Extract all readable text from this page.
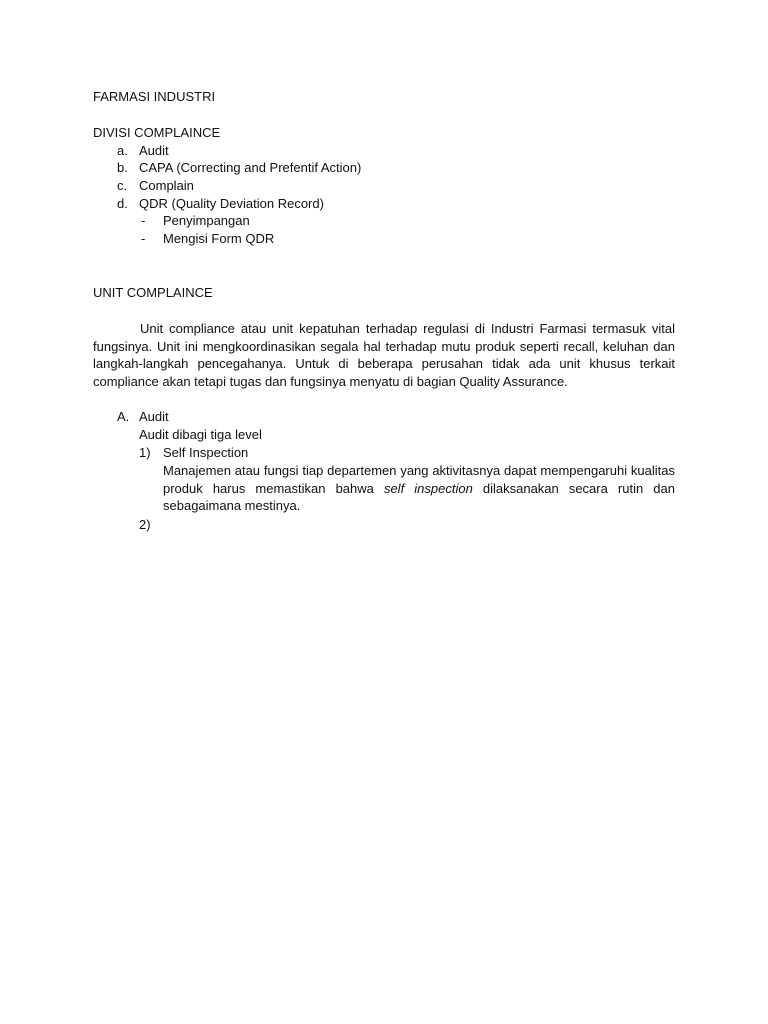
FARMASI INDUSTRI
DIVISI COMPLAINCE
a. Audit
b. CAPA (Correcting and Prefentif Action)
c. Complain
d. QDR (Quality Deviation Record)
- Penyimpangan
- Mengisi Form QDR
UNIT COMPLAINCE
Unit compliance atau unit kepatuhan terhadap regulasi di Industri Farmasi termasuk vital fungsinya. Unit ini mengkoordinasikan segala hal terhadap mutu produk seperti recall, keluhan dan langkah-langkah pencegahanya. Untuk di beberapa perusahan tidak ada unit khusus terkait compliance akan tetapi tugas dan fungsinya menyatu di bagian Quality Assurance.
A. Audit
Audit dibagi tiga level
1) Self Inspection
Manajemen atau fungsi tiap departemen yang aktivitasnya dapat mempengaruhi kualitas produk harus memastikan bahwa self inspection dilaksanakan secara rutin dan sebagaimana mestinya.
2)
